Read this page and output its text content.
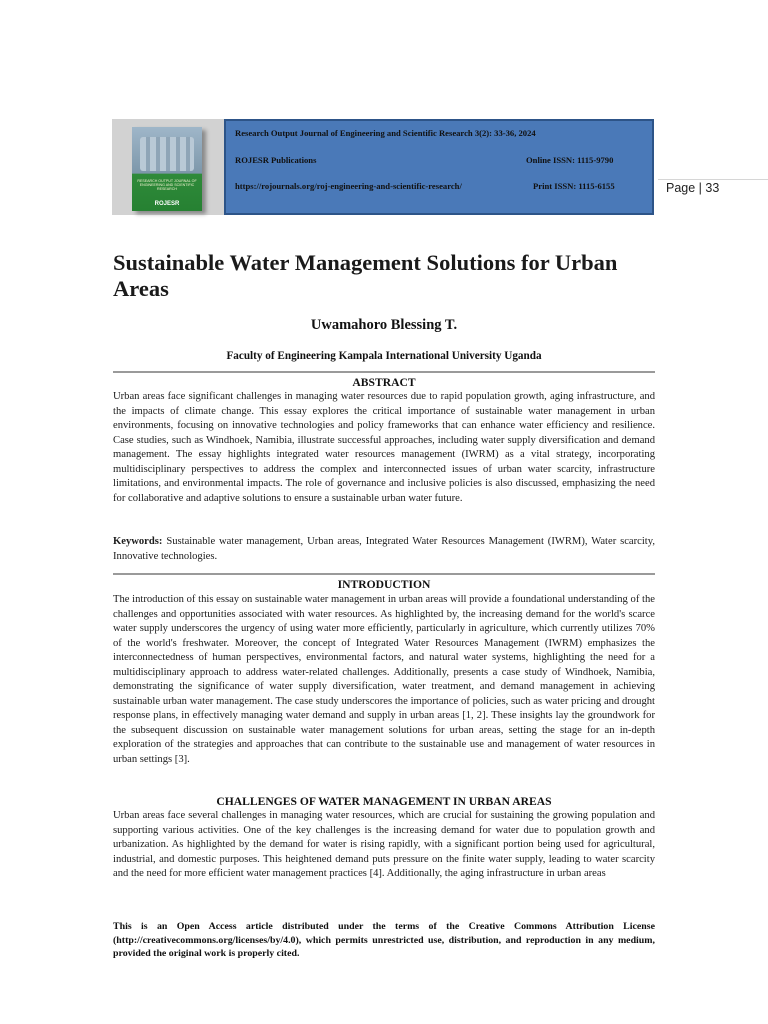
RESEARCH OUTPUT JOURNAL OF ENGINEERING AND SCIENTIFIC RESEARCH
ROJESR
Research Output Journal of Engineering and Scientific Research 3(2): 33-36, 2024
ROJESR Publications	Online ISSN: 1115-9790
https://rojournals.org/roj-engineering-and-scientific-research/	Print ISSN: 1115-6155	Page | 33
Sustainable Water Management Solutions for Urban Areas
Uwamahoro Blessing T.
Faculty of Engineering Kampala International University Uganda
ABSTRACT
Urban areas face significant challenges in managing water resources due to rapid population growth, aging infrastructure, and the impacts of climate change. This essay explores the critical importance of sustainable water management in urban environments, focusing on innovative technologies and policy frameworks that can enhance water efficiency and resilience. Case studies, such as Windhoek, Namibia, illustrate successful approaches, including water supply diversification and demand management. The essay highlights integrated water resources management (IWRM) as a vital strategy, incorporating multidisciplinary perspectives to address the complex and interconnected issues of urban water scarcity, infrastructure limitations, and environmental impacts. The role of governance and inclusive policies is also discussed, emphasizing the need for collaborative and adaptive solutions to ensure a sustainable urban water future.
Keywords: Sustainable water management, Urban areas, Integrated Water Resources Management (IWRM), Water scarcity, Innovative technologies.
INTRODUCTION
The introduction of this essay on sustainable water management in urban areas will provide a foundational understanding of the challenges and opportunities associated with water resources. As highlighted by, the increasing demand for the world's scarce water supply underscores the urgency of using water more efficiently, particularly in agriculture, which currently utilizes 70% of the world's freshwater. Moreover, the concept of Integrated Water Resources Management (IWRM) emphasizes the interconnectedness of human perspectives, environmental factors, and natural water systems, highlighting the need for a multidisciplinary approach to address water-related challenges. Additionally, presents a case study of Windhoek, Namibia, demonstrating the significance of water supply diversification, water treatment, and demand management in achieving sustainable urban water management. The case study underscores the importance of policies, such as water pricing and drought response plans, in effectively managing water demand and supply in urban areas [1, 2]. These insights lay the groundwork for the subsequent discussion on sustainable water management solutions for urban areas, setting the stage for an in-depth exploration of the strategies and approaches that can contribute to the sustainable use and management of water resources in urban settings [3].
CHALLENGES OF WATER MANAGEMENT IN URBAN AREAS
Urban areas face several challenges in managing water resources, which are crucial for sustaining the growing population and supporting various activities. One of the key challenges is the increasing demand for water due to population growth and urbanization. As highlighted by the demand for water is rising rapidly, with a significant portion being used for agricultural, industrial, and domestic purposes. This heightened demand puts pressure on the finite water supply, leading to water scarcity and the need for more efficient water management practices [4]. Additionally, the aging infrastructure in urban areas
This is an Open Access article distributed under the terms of the Creative Commons Attribution License (http://creativecommons.org/licenses/by/4.0), which permits unrestricted use, distribution, and reproduction in any medium, provided the original work is properly cited.
